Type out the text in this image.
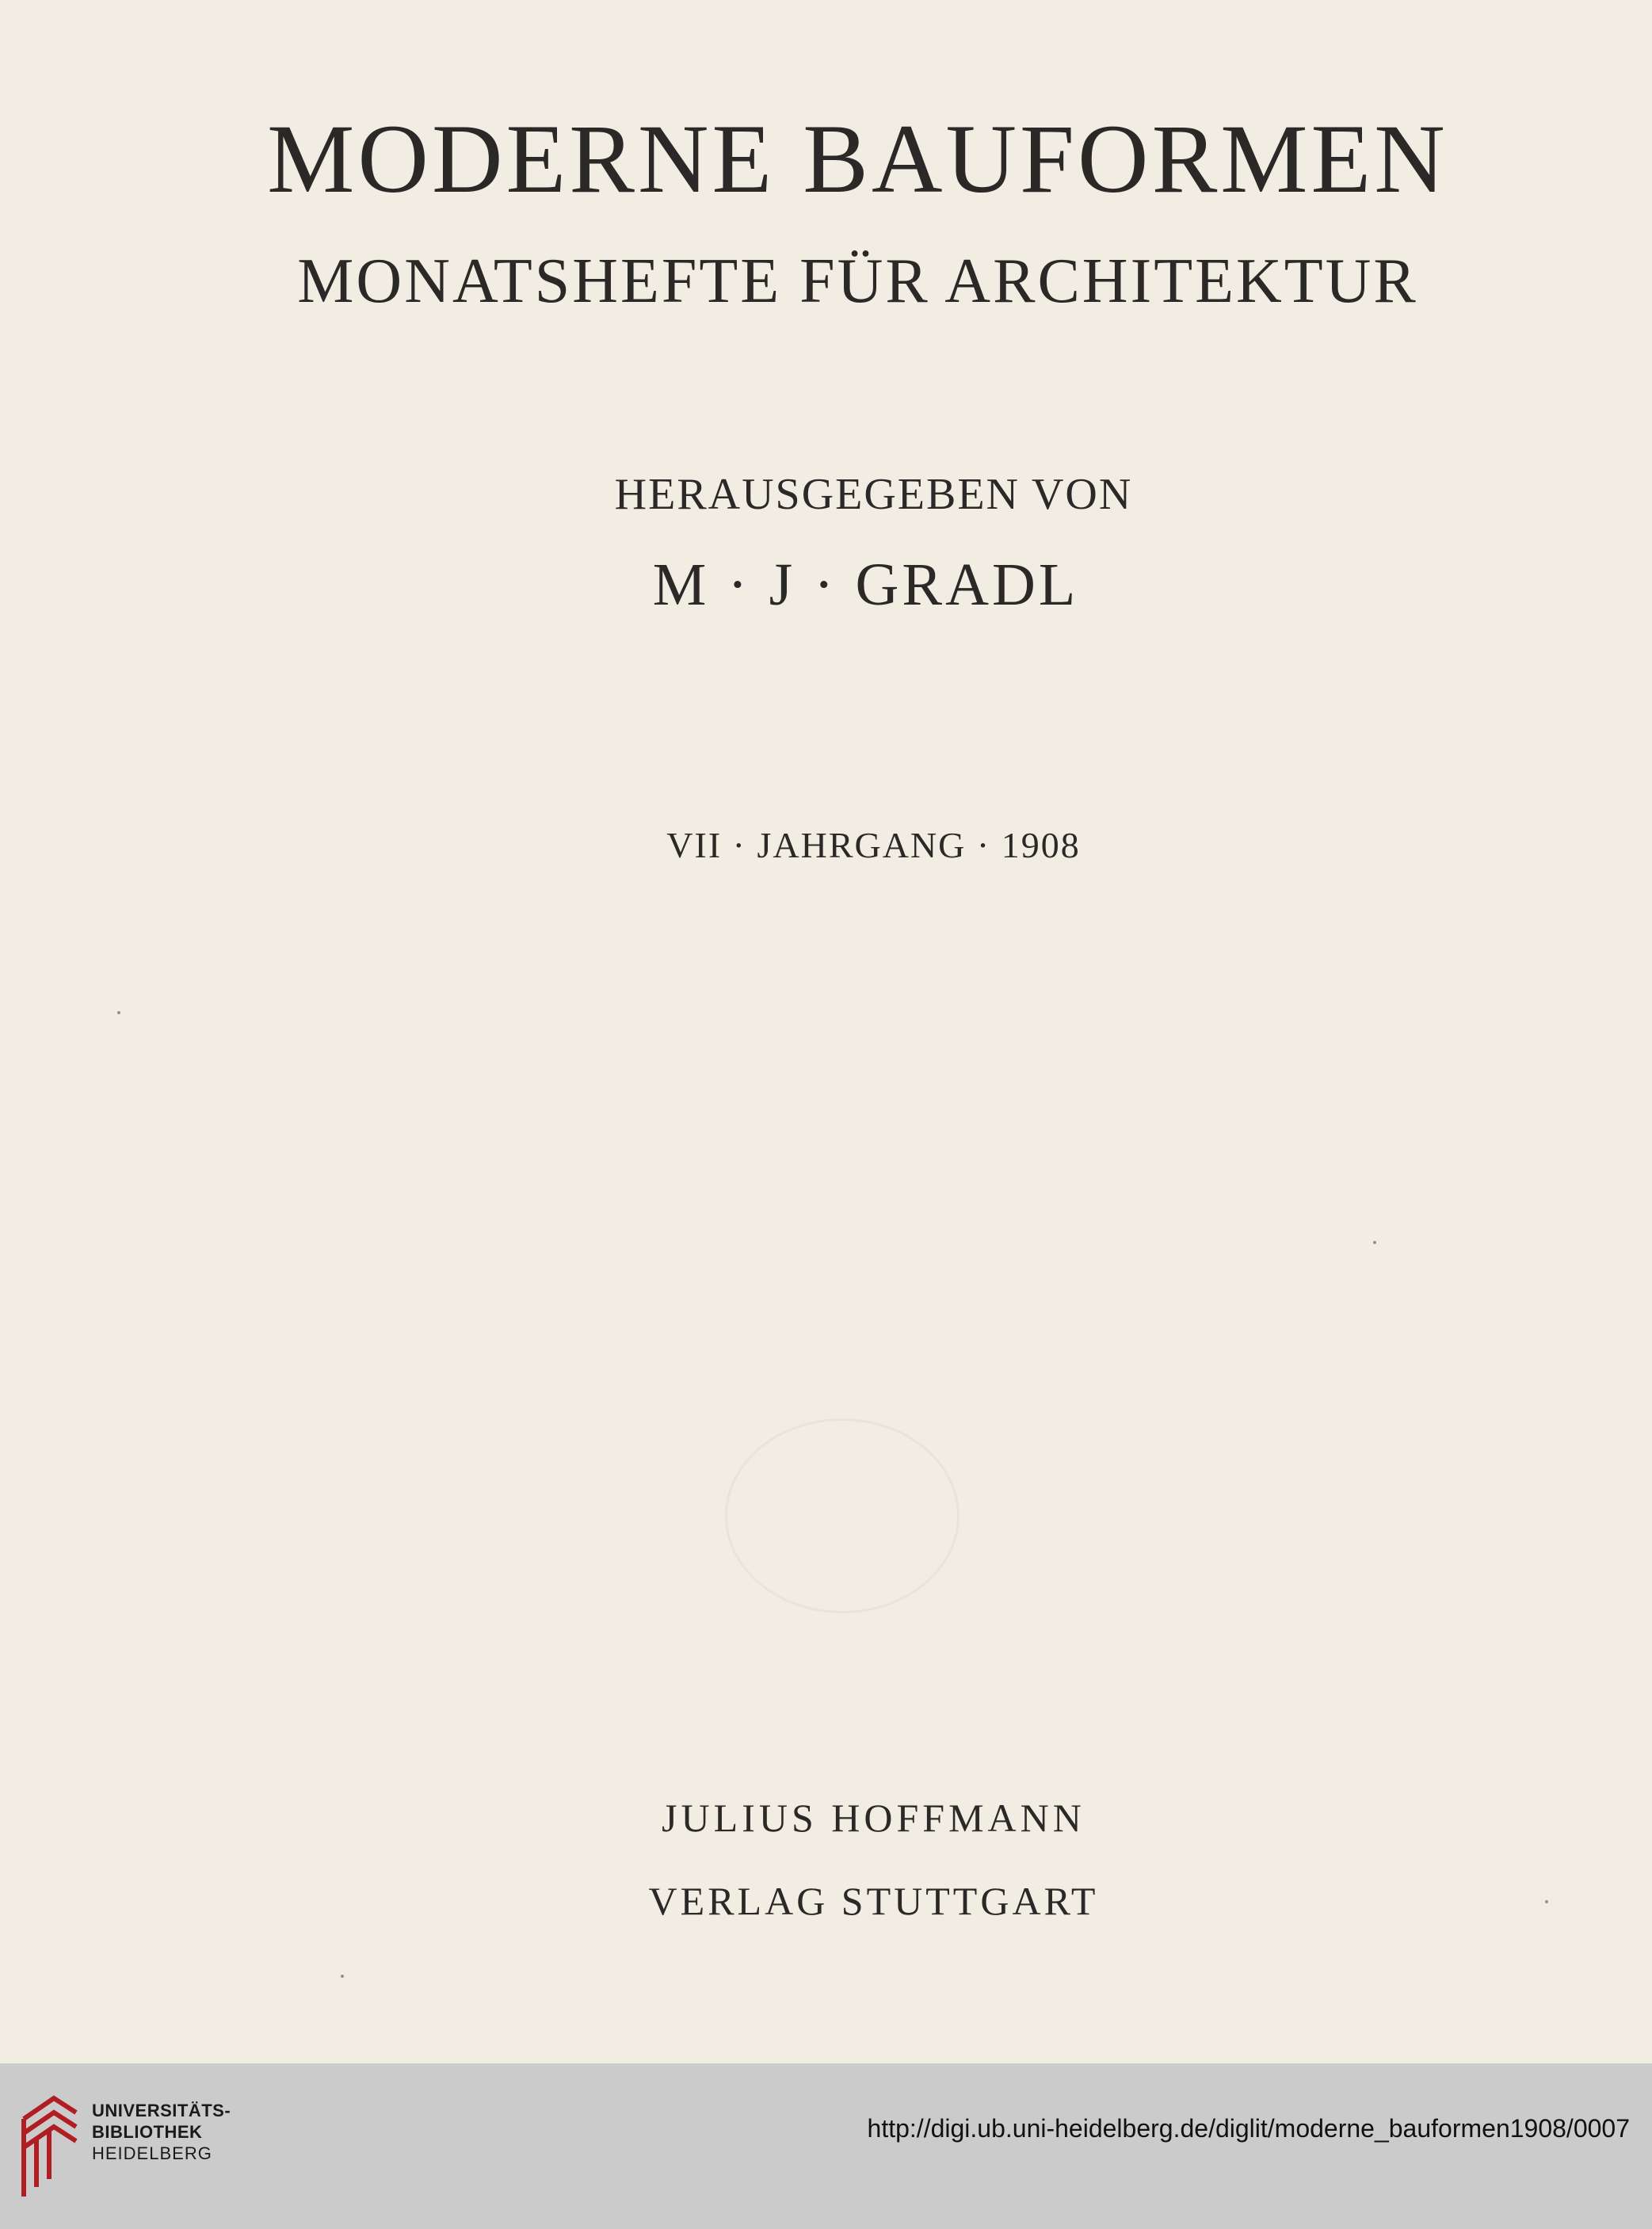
MODERNE BAUFORMEN
MONATSHEFTE FÜR ARCHITEKTUR
HERAUSGEGEBEN VON
M · J · GRADL
VII · JAHRGANG · 1908
JULIUS HOFFMANN
VERLAG STUTTGART
UNIVERSITÄTS-
BIBLIOTHEK
HEIDELBERG
http://digi.ub.uni-heidelberg.de/diglit/moderne_bauformen1908/0007
